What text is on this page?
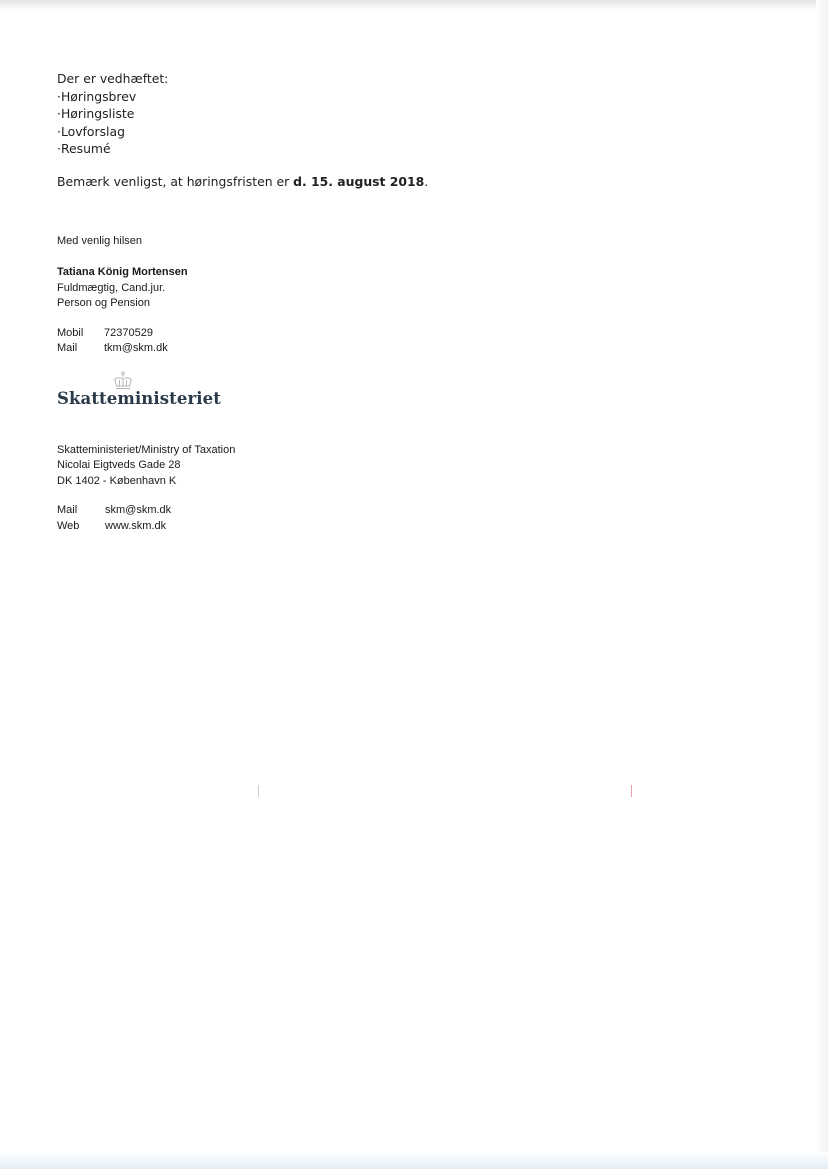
Der er vedhæftet:
· Høringsbrev
· Høringsliste
· Lovforslag
· Resumé
Bemærk venligst, at høringsfristen er d. 15. august 2018.
Med venlig hilsen
Tatiana König Mortensen
Fuldmægtig, Cand.jur.
Person og Pension
Mobil	72370529
Mail	tkm@skm.dk
Skatteministeriet
Skatteministeriet/Ministry of Taxation
Nicolai Eigtveds Gade 28
DK 1402 - København K
Mail	skm@skm.dk
Web	www.skm.dk
